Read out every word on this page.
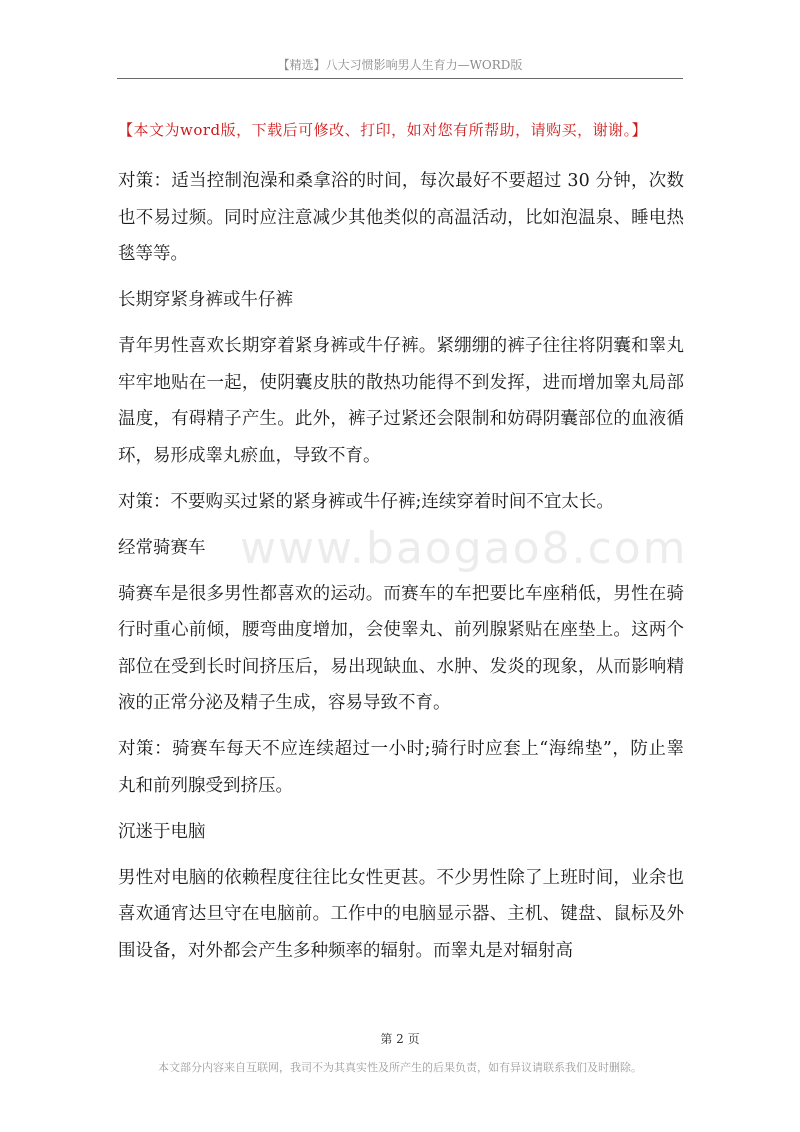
【精选】八大习惯影响男人生育力—WORD版
【本文为word版，下载后可修改、打印，如对您有所帮助，请购买，谢谢。】
www.baogao8.com

对策：适当控制泡澡和桑拿浴的时间，每次最好不要超过 30 分钟，次数也不易过频。同时应注意减少其他类似的高温活动，比如泡温泉、睡电热毯等等。

长期穿紧身裤或牛仔裤

青年男性喜欢长期穿着紧身裤或牛仔裤。紧绷绷的裤子往往将阴囊和睾丸牢牢地贴在一起，使阴囊皮肤的散热功能得不到发挥，进而增加睾丸局部温度，有碍精子产生。此外，裤子过紧还会限制和妨碍阴囊部位的血液循环，易形成睾丸瘀血，导致不育。

对策：不要购买过紧的紧身裤或牛仔裤;连续穿着时间不宜太长。

经常骑赛车

骑赛车是很多男性都喜欢的运动。而赛车的车把要比车座稍低，男性在骑行时重心前倾，腰弯曲度增加，会使睾丸、前列腺紧贴在座垫上。这两个部位在受到长时间挤压后，易出现缺血、水肿、发炎的现象，从而影响精液的正常分泌及精子生成，容易导致不育。

对策：骑赛车每天不应连续超过一小时;骑行时应套上“海绵垫”，防止睾丸和前列腺受到挤压。

沉迷于电脑

男性对电脑的依赖程度往往比女性更甚。不少男性除了上班时间，业余也喜欢通宵达旦守在电脑前。工作中的电脑显示器、主机、键盘、鼠标及外围设备，对外都会产生多种频率的辐射。而睾丸是对辐射高

第 2 页
本文部分内容来自互联网，我司不为其真实性及所产生的后果负责，如有异议请联系我们及时删除。
